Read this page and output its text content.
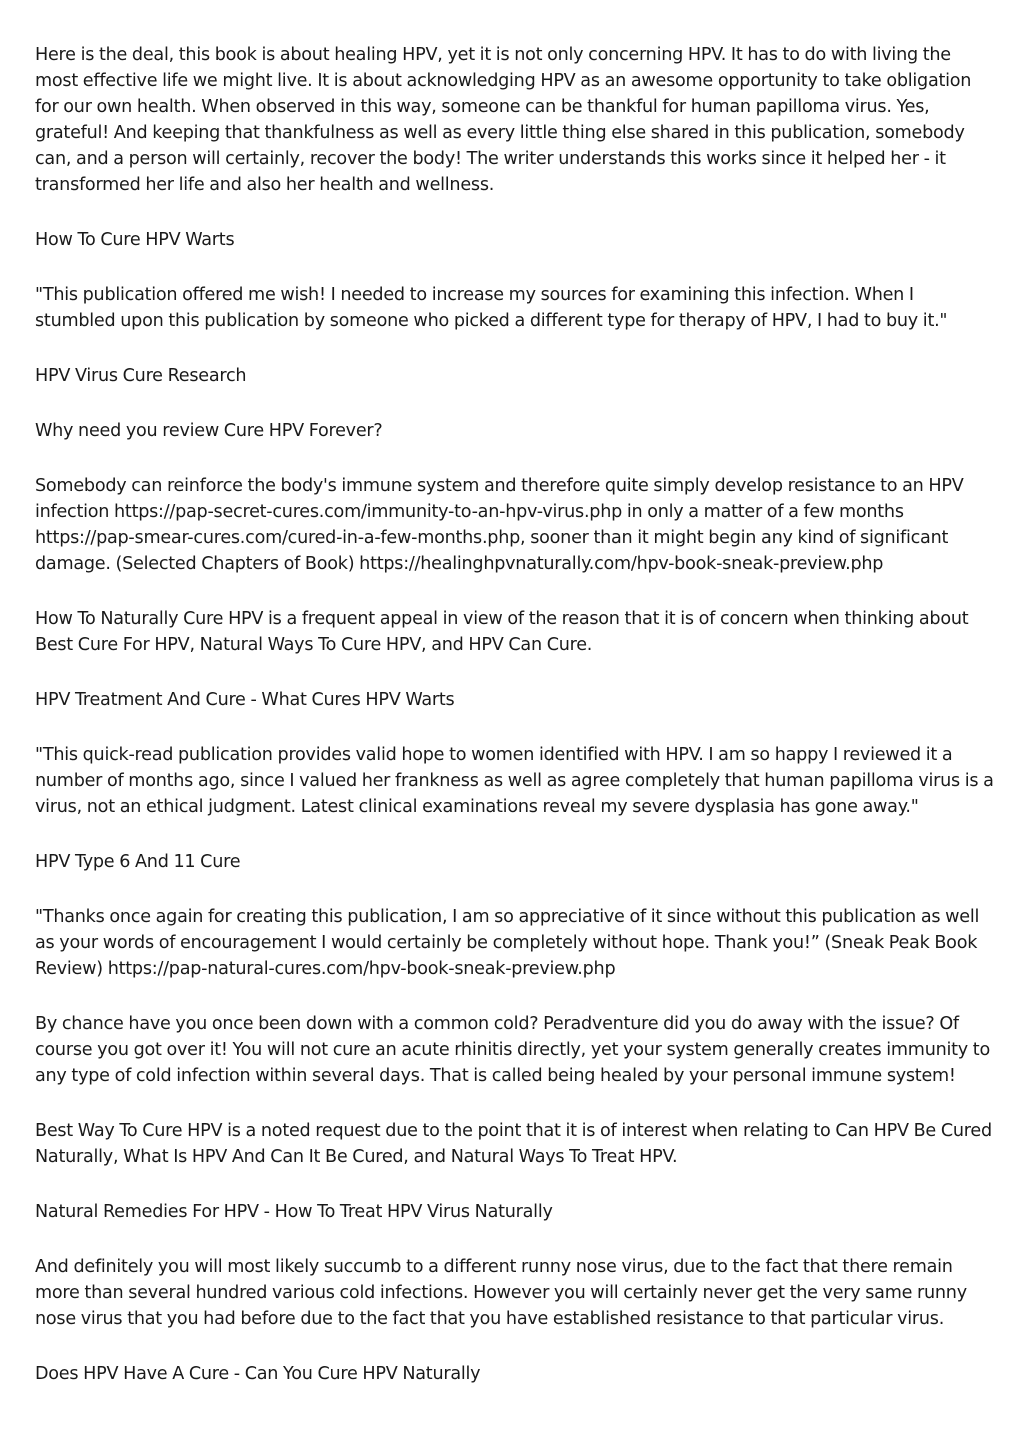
Here is the deal, this book is about healing HPV, yet it is not only concerning HPV. It has to do with living the most effective life we might live. It is about acknowledging HPV as an awesome opportunity to take obligation for our own health. When observed in this way, someone can be thankful for human papilloma virus. Yes, grateful! And keeping that thankfulness as well as every little thing else shared in this publication, somebody can, and a person will certainly, recover the body! The writer understands this works since it helped her - it transformed her life and also her health and wellness.

How To Cure HPV Warts

"This publication offered me wish! I needed to increase my sources for examining this infection. When I stumbled upon this publication by someone who picked a different type for therapy of HPV, I had to buy it."

HPV Virus Cure Research

Why need you review Cure HPV Forever?

Somebody can reinforce the body's immune system and therefore quite simply develop resistance to an HPV infection https://pap-secret-cures.com/immunity-to-an-hpv-virus.php in only a matter of a few months https://pap-smear-cures.com/cured-in-a-few-months.php, sooner than it might begin any kind of significant damage. (Selected Chapters of Book) https://healinghpvnaturally.com/hpv-book-sneak-preview.php

How To Naturally Cure HPV is a frequent appeal in view of the reason that it is of concern when thinking about Best Cure For HPV, Natural Ways To Cure HPV, and HPV Can Cure.

HPV Treatment And Cure - What Cures HPV Warts

"This quick-read publication provides valid hope to women identified with HPV. I am so happy I reviewed it a number of months ago, since I valued her frankness as well as agree completely that human papilloma virus is a virus, not an ethical judgment. Latest clinical examinations reveal my severe dysplasia has gone away."

HPV Type 6 And 11 Cure

"Thanks once again for creating this publication, I am so appreciative of it since without this publication as well as your words of encouragement I would certainly be completely without hope. Thank you!” (Sneak Peak Book Review) https://pap-natural-cures.com/hpv-book-sneak-preview.php

By chance have you once been down with a common cold? Peradventure did you do away with the issue? Of course you got over it! You will not cure an acute rhinitis directly, yet your system generally creates immunity to any type of cold infection within several days. That is called being healed by your personal immune system!

Best Way To Cure HPV is a noted request due to the point that it is of interest when relating to Can HPV Be Cured Naturally, What Is HPV And Can It Be Cured, and Natural Ways To Treat HPV.

Natural Remedies For HPV - How To Treat HPV Virus Naturally

And definitely you will most likely succumb to a different runny nose virus, due to the fact that there remain more than several hundred various cold infections. However you will certainly never get the very same runny nose virus that you had before due to the fact that you have established resistance to that particular virus.

Does HPV Have A Cure - Can You Cure HPV Naturally
